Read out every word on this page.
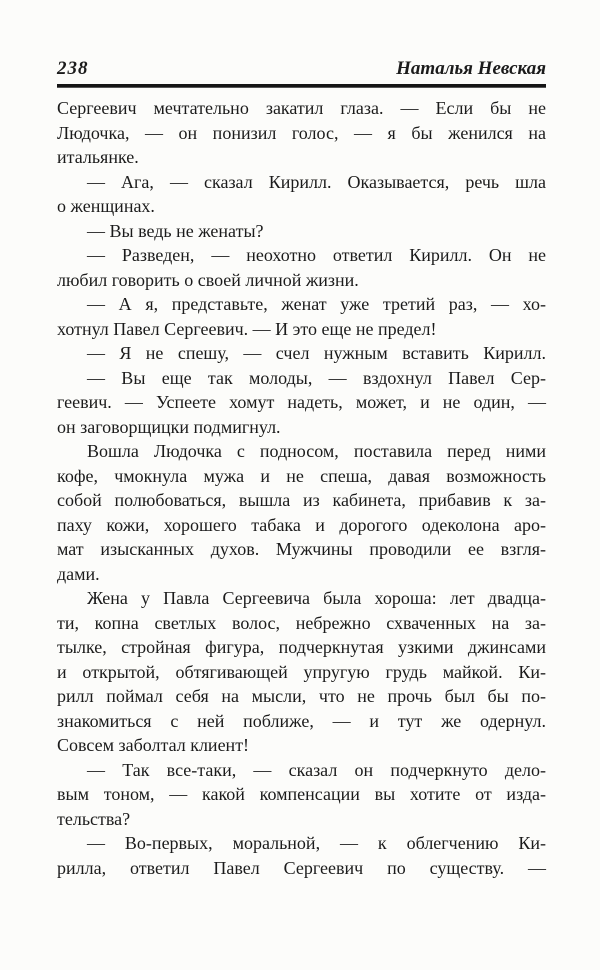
238	Наталья Невская
Сергеевич мечтательно закатил глаза. — Если бы не
Людочка, — он понизил голос, — я бы женился на
итальянке.
— Ага, — сказал Кирилл. Оказывается, речь шла
о женщинах.
— Вы ведь не женаты?
— Разведен, — неохотно ответил Кирилл. Он не
любил говорить о своей личной жизни.
— А я, представьте, женат уже третий раз, — хо-
хотнул Павел Сергеевич. — И это еще не предел!
— Я не спешу, — счел нужным вставить Кирилл.
— Вы еще так молоды, — вздохнул Павел Сер-
геевич. — Успеете хомут надеть, может, и не один, —
он заговорщицки подмигнул.
Вошла Людочка с подносом, поставила перед ними
кофе, чмокнула мужа и не спеша, давая возможность
собой полюбоваться, вышла из кабинета, прибавив к за-
паху кожи, хорошего табака и дорогого одеколона аро-
мат изысканных духов. Мужчины проводили ее взгля-
дами.
Жена у Павла Сергеевича была хороша: лет двадца-
ти, копна светлых волос, небрежно схваченных на за-
тылке, стройная фигура, подчеркнутая узкими джинсами
и открытой, обтягивающей упругую грудь майкой. Ки-
рилл поймал себя на мысли, что не прочь был бы по-
знакомиться с ней поближе, — и тут же одернул.
Совсем заболтал клиент!
— Так все-таки, — сказал он подчеркнуто дело-
вым тоном, — какой компенсации вы хотите от изда-
тельства?
— Во-первых, моральной, — к облегчению Ки-
рилла, ответил Павел Сергеевич по существу. —
